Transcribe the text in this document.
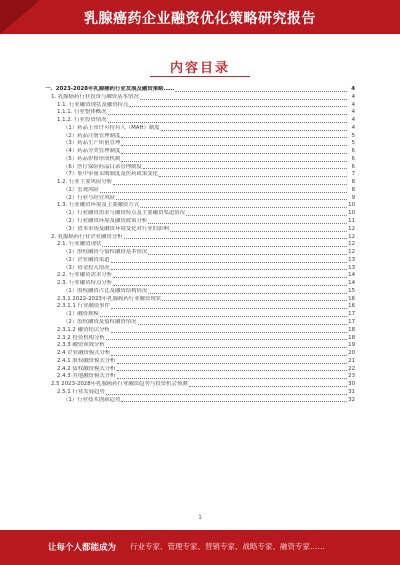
乳腺癌药企业融资优化策略研究报告
内容目录
一、2023-2028年乳腺癌药行业发展及融资策略……	4
1. 乳腺癌药行业投资与融资基本情况	4
1.1. 行业融资现状及融资特点	4
1.1.1. 行业整体概况	4
1.1.2. 行业投资情况	4
（1）药品上市许可持有人（MAH）制度	4
（2）药品注册管理制度	5
（3）药品生产质量管理	5
（4）药品分类管理制度	6
（5）药品价格形成机制	6
（6）医疗保险药品目录管理制度	6
（7）集中带量采购制度及医药政策变化	7
1.2. 行业主要风险分析	8
（1）宏观风险	8
（2）行业与经营风险	9
1.3. 行业融资环境及主要融资方式	10
（1）行业融资需求与融资特点及主要融资渠道情况	10
（2）行业融资环境及融资政策分析	11
（3）资本市场及融资环境变化对行业的影响	12
2. 乳腺癌药行业企业融资分析	12
2.1. 行业融资现状	12
（1）股权融资与债权融资基本情况	12
（2）企业融资渠道	13
（3）资金投入情况	13
2.2. 行业融资需求分析	14
2.3. 行业融资特点分析	14
（1）股权融资占比及融资结构情况	15
2.3.1 2022-2023年乳腺癌药行业融资现状	16
2.3.1.1 行业融资事件	16
（1）融资规模	17
（2）股权融资及债权融资情况	17
2.3.1.2 融资轮次分析	18
2.3.2 投资机构分析	18
2.3.3 融资领域分析	19
2.4 企业融资模式分析	20
2.4.1 股权融资模式分析	21
2.4.2 债权融资模式分析	22
2.4.3 其他融资模式分析	23
2.5 2023-2028年乳腺癌药行业融资趋势与投资机会预测	30
2.5.1 行业发展趋势	31
（1）行业技术创新趋势	32
1
让每个人都能成为 行业专家、管理专家、营销专家、战略专家、融资专家……
